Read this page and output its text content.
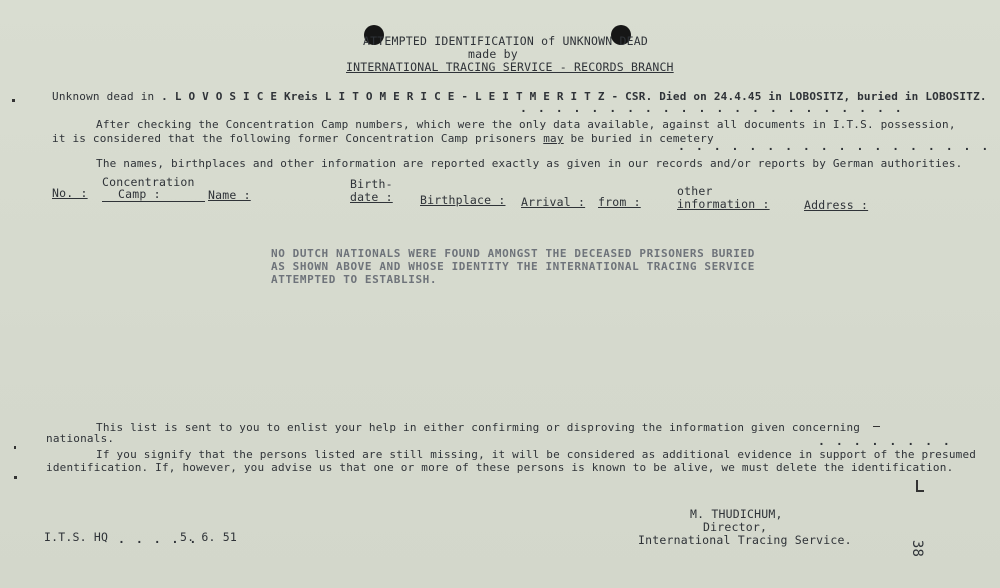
ATTEMPTED IDENTIFICATION of UNKNOWN DEAD
made by
INTERNATIONAL TRACING SERVICE - RECORDS BRANCH
Unknown dead in . L O V O S I C E Kreis L I T O M E R I C E - L E I T M E R I T Z - CSR. Died on 24.4.45 in LOBOSITZ, buried in LOBOSITZ.
. . . . . . . . . . . . . . . . . . . . . .
After checking the Concentration Camp numbers, which were the only data available, against all documents in I.T.S. possession,
it is considered that the following former Concentration Camp prisoners may be buried in cemetery
. . . . . . . . . . . . . . . . . .
The names, birthplaces and other information are reported exactly as given in our records and/or reports by German authorities.
No. :
Concentration
Camp :	Name :
Birth-
date : Birthplace : Arrival : from :
other
information :	Address :
NO DUTCH NATIONALS WERE FOUND AMONGST THE DECEASED PRISONERS BURIED
AS SHOWN ABOVE AND WHOSE IDENTITY THE INTERNATIONAL TRACING SERVICE
ATTEMPTED TO ESTABLISH.
This list is sent to you to enlist your help in either confirming or disproving the information given concerning
. . . . . . . .
nationals.
If you signify that the persons listed are still missing, it will be considered as additional evidence in support of the presumed
identification. If, however, you advise us that one or more of these persons is known to be alive, we must delete the identification.
I.T.S. HQ . . . . .
5. 6. 51
M. THUDICHUM,
Director,
International Tracing Service.	38
